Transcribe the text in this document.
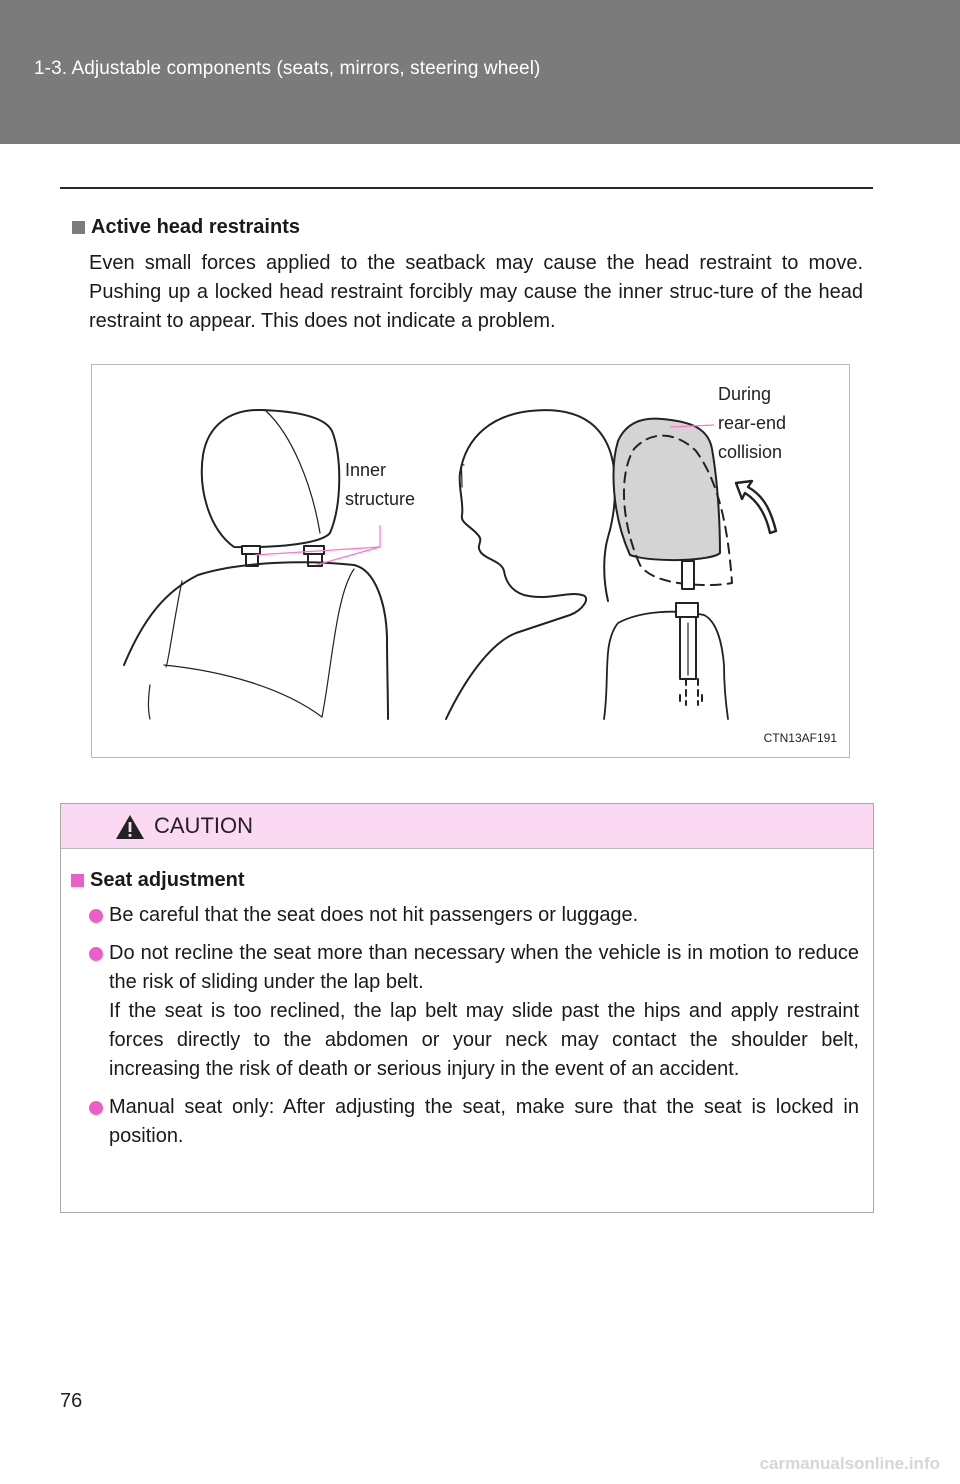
1-3. Adjustable components (seats, mirrors, steering wheel)
Active head restraints
Even small forces applied to the seatback may cause the head restraint to move. Pushing up a locked head restraint forcibly may cause the inner struc-ture of the head restraint to appear. This does not indicate a problem.
Inner
structure
During
rear-end
collision
CTN13AF191
CAUTION
Seat adjustment

Be careful that the seat does not hit passengers or luggage.

Do not recline the seat more than necessary when the vehicle is in motion to reduce the risk of sliding under the lap belt.

If the seat is too reclined, the lap belt may slide past the hips and apply restraint forces directly to the abdomen or your neck may contact the shoulder belt, increasing the risk of death or serious injury in the event of an accident.

Manual seat only: After adjusting the seat, make sure that the seat is locked in position.

76
carmanualsonline.info
